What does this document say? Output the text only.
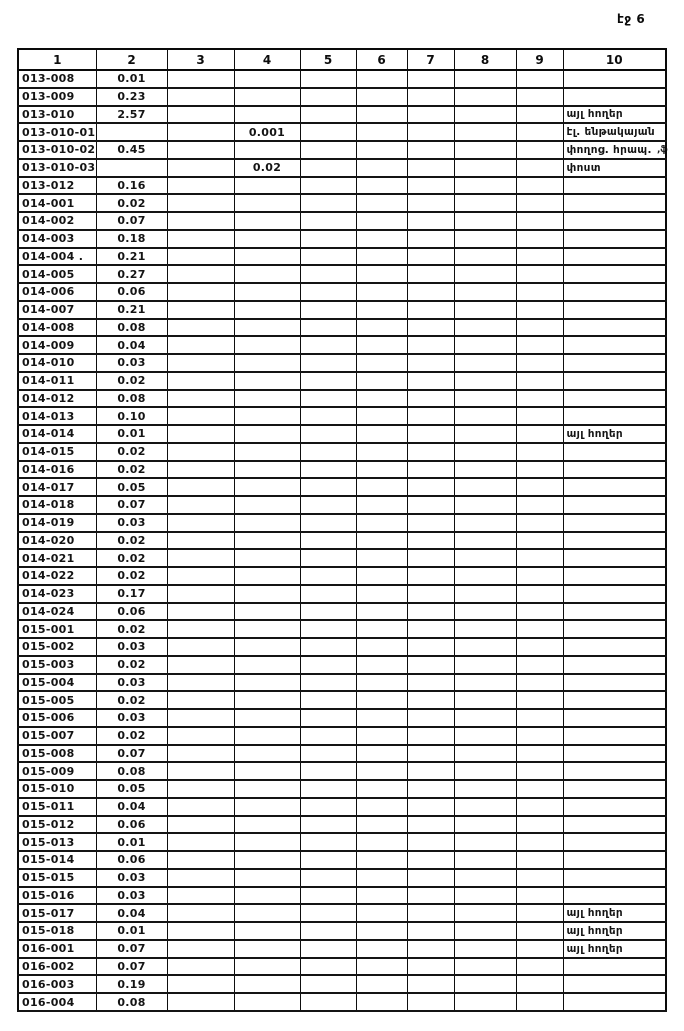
էջ 6
,ֆ
1	2	3	4	5	6	7	8	9	10
013-008	0.01								
013-009	0.23								
013-010	2.57								այլ հողեր
013-010-01			0.001						էլ. ենթակայան
013-010-02	0.45								փողոց. հրապ.
013-010-03			0.02						փոստ
013-012	0.16								
014-001	0.02								
014-002	0.07								
014-003	0.18								
014-004 .	0.21								
014-005	0.27								
014-006	0.06								
014-007	0.21								
014-008	0.08								
014-009	0.04								
014-010	0.03								
014-011	0.02								
014-012	0.08								
014-013	0.10								
014-014	0.01								այլ հողեր
014-015	0.02								
014-016	0.02								
014-017	0.05								
014-018	0.07								
014-019	0.03								
014-020	0.02								
014-021	0.02								
014-022	0.02								
014-023	0.17								
014-024	0.06								
015-001	0.02								
015-002	0.03								
015-003	0.02								
015-004	0.03								
015-005	0.02								
015-006	0.03								
015-007	0.02								
015-008	0.07								
015-009	0.08								
015-010	0.05								
015-011	0.04								
015-012	0.06								
015-013	0.01								
015-014	0.06								
015-015	0.03								
015-016	0.03								
015-017	0.04								այլ հողեր
015-018	0.01								այլ հողեր
016-001	0.07								այլ հողեր
016-002	0.07								
016-003	0.19								
016-004	0.08								
